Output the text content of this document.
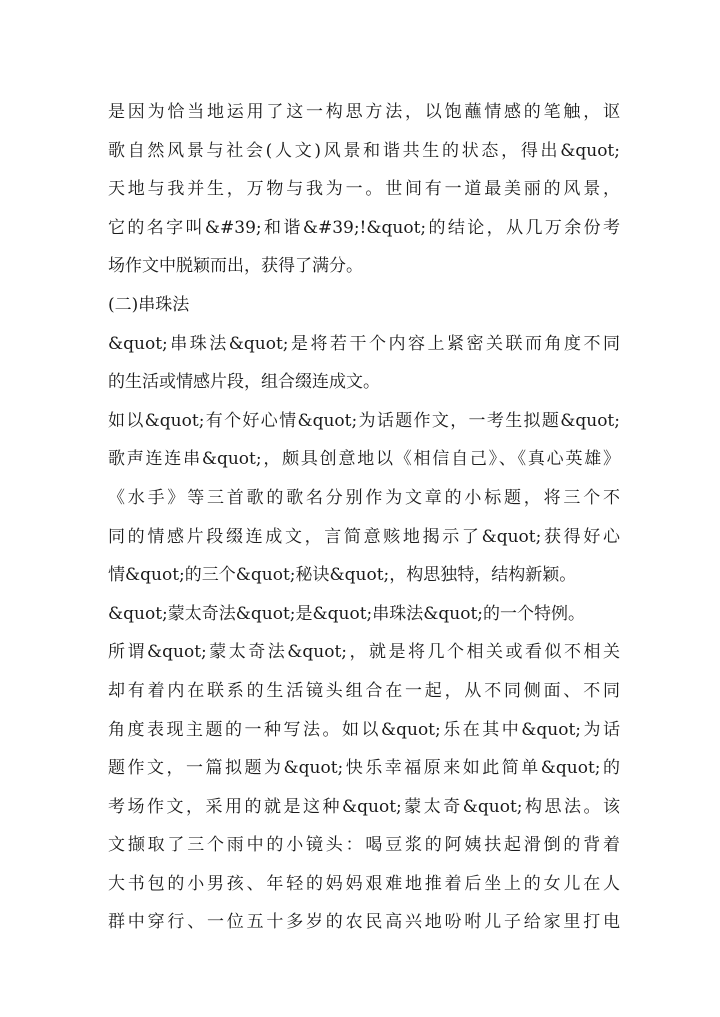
是因为恰当地运用了这一构思方法，以饱蘸情感的笔触，讴
歌自然风景与社会(人文)风景和谐共生的状态，得出&quot;
天地与我并生，万物与我为一。世间有一道最美丽的风景，
它的名字叫&#39;和谐&#39;!&quot;的结论，从几万余份考
场作文中脱颖而出，获得了满分。
(二)串珠法
&quot;串珠法&quot;是将若干个内容上紧密关联而角度不同
的生活或情感片段，组合缀连成文。
如以&quot;有个好心情&quot;为话题作文，一考生拟题&quot;
歌声连连串&quot;，颇具创意地以《相信自己》、《真心英雄》
《水手》等三首歌的歌名分别作为文章的小标题，将三个不
同的情感片段缀连成文，言简意赅地揭示了&quot;获得好心
情&quot;的三个&quot;秘诀&quot;，构思独特，结构新颖。
&quot;蒙太奇法&quot;是&quot;串珠法&quot;的一个特例。
所谓&quot;蒙太奇法&quot;，就是将几个相关或看似不相关
却有着内在联系的生活镜头组合在一起，从不同侧面、不同
角度表现主题的一种写法。如以&quot;乐在其中&quot;为话
题作文，一篇拟题为&quot;快乐幸福原来如此简单&quot;的
考场作文，采用的就是这种&quot;蒙太奇&quot;构思法。该
文撷取了三个雨中的小镜头：喝豆浆的阿姨扶起滑倒的背着
大书包的小男孩、年轻的妈妈艰难地推着后坐上的女儿在人
群中穿行、一位五十多岁的农民高兴地吩咐儿子给家里打电
